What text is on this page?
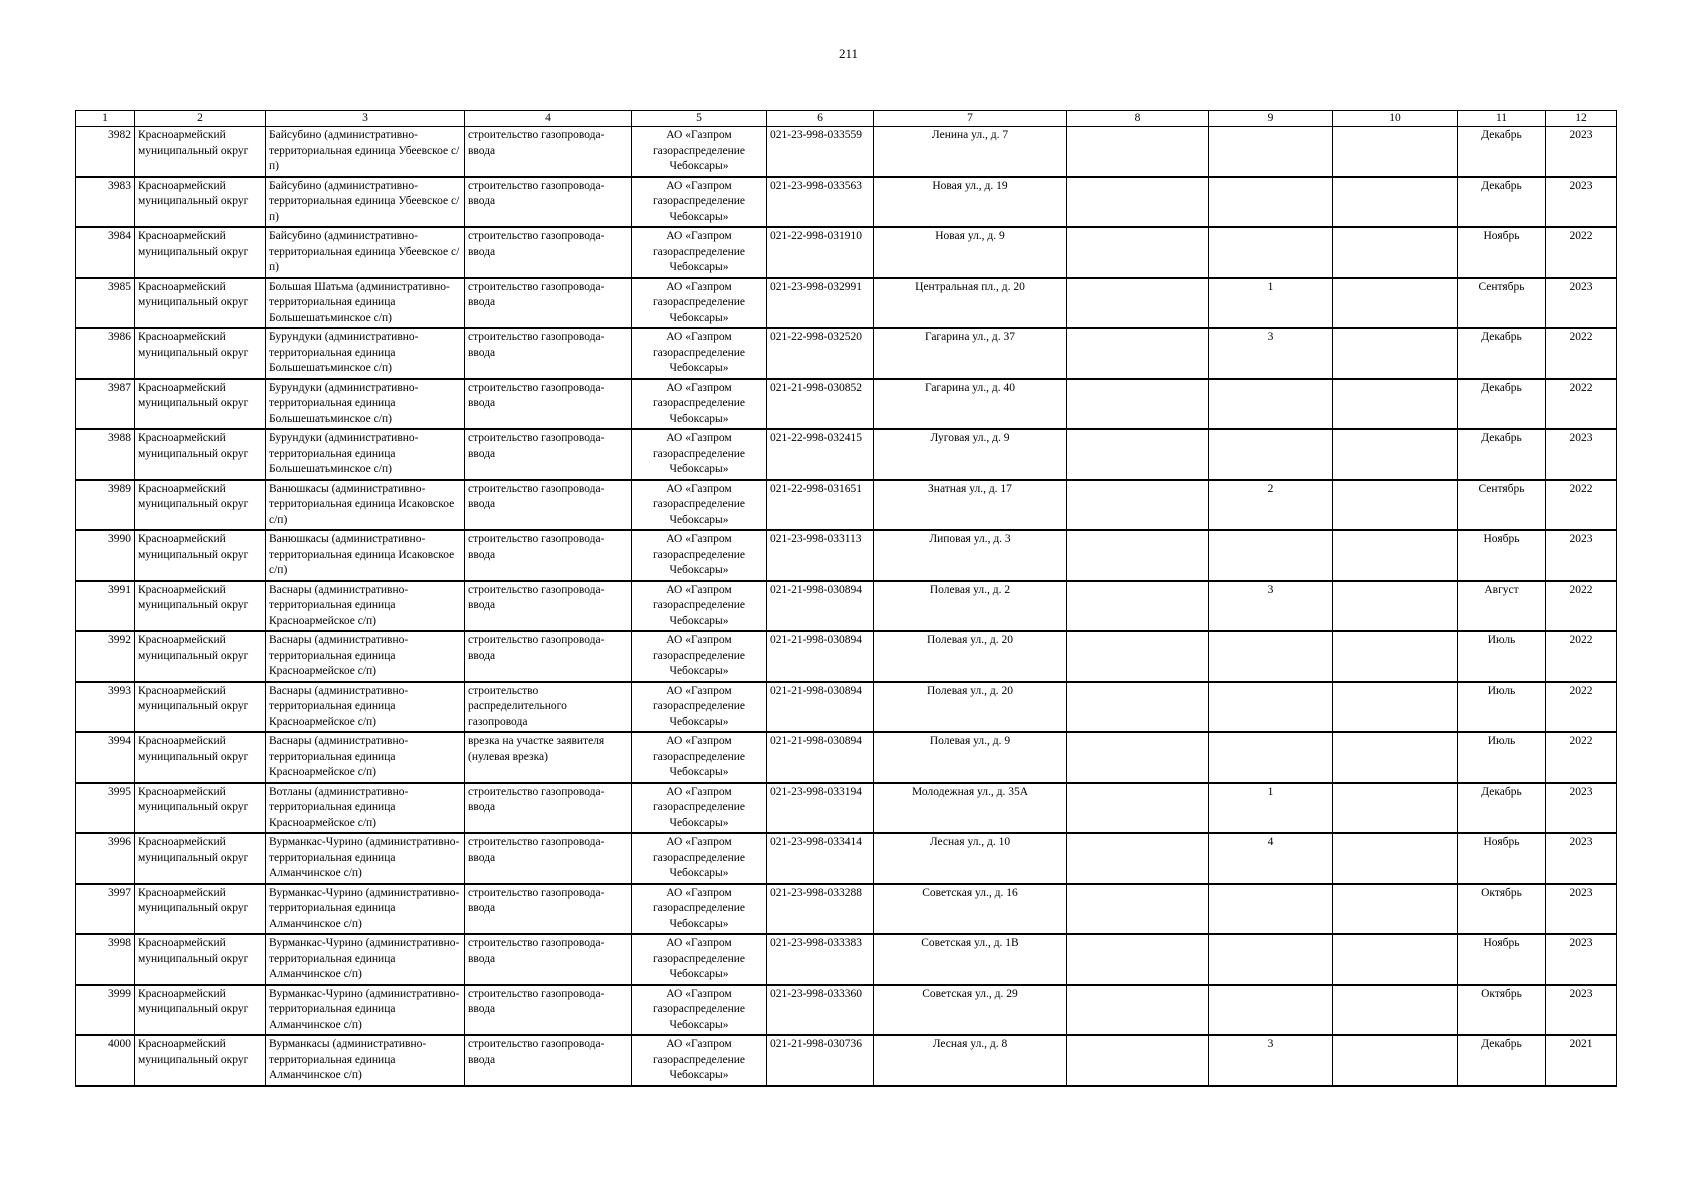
211
1	2	3	4	5	6	7	8	9	10	11	12
3982	Красноармейский муниципальный округ	Байсубино (административно-территориальная единица Убеевское с/п)	строительство газопровода-ввода	АО «Газпром газораспределение Чебоксары»	021-23-998-033559	Ленина ул., д. 7				Декабрь	2023
3983	Красноармейский муниципальный округ	Байсубино (административно-территориальная единица Убеевское с/п)	строительство газопровода-ввода	АО «Газпром газораспределение Чебоксары»	021-23-998-033563	Новая ул., д. 19				Декабрь	2023
3984	Красноармейский муниципальный округ	Байсубино (административно-территориальная единица Убеевское с/п)	строительство газопровода-ввода	АО «Газпром газораспределение Чебоксары»	021-22-998-031910	Новая ул., д. 9				Ноябрь	2022
3985	Красноармейский муниципальный округ	Большая Шатьма (административно-территориальная единица Большешатьминское с/п)	строительство газопровода-ввода	АО «Газпром газораспределение Чебоксары»	021-23-998-032991	Центральная пл., д. 20		1		Сентябрь	2023
3986	Красноармейский муниципальный округ	Бурундуки (административно-территориальная единица Большешатьминское с/п)	строительство газопровода-ввода	АО «Газпром газораспределение Чебоксары»	021-22-998-032520	Гагарина ул., д. 37		3		Декабрь	2022
3987	Красноармейский муниципальный округ	Бурундуки (административно-территориальная единица Большешатьминское с/п)	строительство газопровода-ввода	АО «Газпром газораспределение Чебоксары»	021-21-998-030852	Гагарина ул., д. 40				Декабрь	2022
3988	Красноармейский муниципальный округ	Бурундуки (административно-территориальная единица Большешатьминское с/п)	строительство газопровода-ввода	АО «Газпром газораспределение Чебоксары»	021-22-998-032415	Луговая ул., д. 9				Декабрь	2023
3989	Красноармейский муниципальный округ	Ванюшкасы (административно-территориальная единица Исаковское с/п)	строительство газопровода-ввода	АО «Газпром газораспределение Чебоксары»	021-22-998-031651	Знатная ул., д. 17		2		Сентябрь	2022
3990	Красноармейский муниципальный округ	Ванюшкасы (административно-территориальная единица Исаковское с/п)	строительство газопровода-ввода	АО «Газпром газораспределение Чебоксары»	021-23-998-033113	Липовая ул., д. 3				Ноябрь	2023
3991	Красноармейский муниципальный округ	Васнары (административно-территориальная единица Красноармейское с/п)	строительство газопровода-ввода	АО «Газпром газораспределение Чебоксары»	021-21-998-030894	Полевая ул., д. 2		3		Август	2022
3992	Красноармейский муниципальный округ	Васнары (административно-территориальная единица Красноармейское с/п)	строительство газопровода-ввода	АО «Газпром газораспределение Чебоксары»	021-21-998-030894	Полевая ул., д. 20				Июль	2022
3993	Красноармейский муниципальный округ	Васнары (административно-территориальная единица Красноармейское с/п)	строительство распределительного газопровода	АО «Газпром газораспределение Чебоксары»	021-21-998-030894	Полевая ул., д. 20				Июль	2022
3994	Красноармейский муниципальный округ	Васнары (административно-территориальная единица Красноармейское с/п)	врезка на участке заявителя (нулевая врезка)	АО «Газпром газораспределение Чебоксары»	021-21-998-030894	Полевая ул., д. 9				Июль	2022
3995	Красноармейский муниципальный округ	Вотланы (административно-территориальная единица Красноармейское с/п)	строительство газопровода-ввода	АО «Газпром газораспределение Чебоксары»	021-23-998-033194	Молодежная ул., д. 35А		1		Декабрь	2023
3996	Красноармейский муниципальный округ	Вурманкас-Чурино (административно-территориальная единица Алманчинское с/п)	строительство газопровода-ввода	АО «Газпром газораспределение Чебоксары»	021-23-998-033414	Лесная ул., д. 10		4		Ноябрь	2023
3997	Красноармейский муниципальный округ	Вурманкас-Чурино (административно-территориальная единица Алманчинское с/п)	строительство газопровода-ввода	АО «Газпром газораспределение Чебоксары»	021-23-998-033288	Советская ул., д. 16				Октябрь	2023
3998	Красноармейский муниципальный округ	Вурманкас-Чурино (административно-территориальная единица Алманчинское с/п)	строительство газопровода-ввода	АО «Газпром газораспределение Чебоксары»	021-23-998-033383	Советская ул., д. 1В				Ноябрь	2023
3999	Красноармейский муниципальный округ	Вурманкас-Чурино (административно-территориальная единица Алманчинское с/п)	строительство газопровода-ввода	АО «Газпром газораспределение Чебоксары»	021-23-998-033360	Советская ул., д. 29				Октябрь	2023
4000	Красноармейский муниципальный округ	Вурманкасы (административно-территориальная единица Алманчинское с/п)	строительство газопровода-ввода	АО «Газпром газораспределение Чебоксары»	021-21-998-030736	Лесная ул., д. 8		3		Декабрь	2021
